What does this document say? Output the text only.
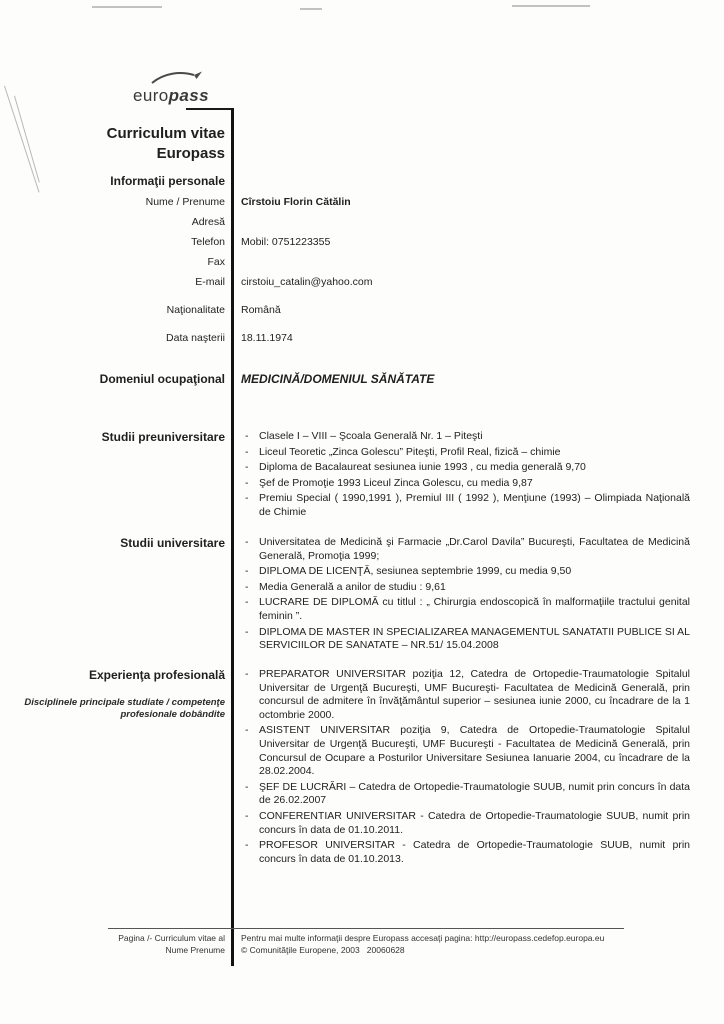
europass
Curriculum vitae
Europass
Informaţii personale
Nume / Prenume Cîrstoiu Florin Cătălin
Adresă
Telefon Mobil: 0751223355
Fax
E-mail cirstoiu_catalin@yahoo.com
Naţionalitate Română
Data naşterii 18.11.1974
Domeniul ocupaţional MEDICINĂ/DOMENIUL SĂNĂTATE
Studii preuniversitare	- Clasele I – VIII – Şcoala Generală Nr. 1 – Piteşti
- Liceul Teoretic „Zinca Golescu” Piteşti, Profil Real, fizică – chimie
- Diploma de Bacalaureat sesiunea iunie 1993 , cu media generală 9,70
- Şef de Promoţie 1993 Liceul Zinca Golescu, cu media 9,87
- Premiu Special ( 1990,1991 ), Premiul III ( 1992 ), Menţiune (1993) – Olimpiada Naţională de Chimie
Studii universitare	- Universitatea de Medicină şi Farmacie „Dr.Carol Davila” Bucureşti, Facultatea de Medicină Generală, Promoţia 1999;
- DIPLOMA DE LICENŢĂ, sesiunea septembrie 1999, cu media 9,50
- Media Generală a anilor de studiu : 9,61
- LUCRARE DE DIPLOMĂ cu titlul : „ Chirurgia endoscopică în malformaţiile tractului genital feminin ”.
- DIPLOMA DE MASTER IN SPECIALIZAREA MANAGEMENTUL SANATATII PUBLICE SI AL SERVICIILOR DE SANATATE – NR.51/ 15.04.2008
Experienţa profesională
Disciplinele principale studiate / competenţe profesionale dobândite
- PREPARATOR UNIVERSITAR poziţia 12, Catedra de Ortopedie-Traumatologie Spitalul Universitar de Urgenţă Bucureşti, UMF Bucureşti- Facultatea de Medicină Generală, prin concursul de admitere în învăţământul superior – sesiunea iunie 2000, cu încadrare de la 1 octombrie 2000.
- ASISTENT UNIVERSITAR poziţia 9, Catedra de Ortopedie-Traumatologie Spitalul Universitar de Urgenţă Bucureşti, UMF Bucureşti - Facultatea de Medicină Generală, prin Concursul de Ocupare a Posturilor Universitare Sesiunea Ianuarie 2004, cu încadrare de la 28.02.2004.
- ŞEF DE LUCRĂRI – Catedra de Ortopedie-Traumatologie SUUB, numit prin concurs în data de 26.02.2007
- CONFERENTIAR UNIVERSITAR - Catedra de Ortopedie-Traumatologie SUUB, numit prin concurs în data de 01.10.2011.
- PROFESOR UNIVERSITAR - Catedra de Ortopedie-Traumatologie SUUB, numit prin concurs în data de 01.10.2013.
Pagina /- Curriculum vitae al
Nume Prenume
Pentru mai multe informaţii despre Europass accesaţi pagina: http://europass.cedefop.europa.eu
© Comunităţile Europene, 2003   20060628
